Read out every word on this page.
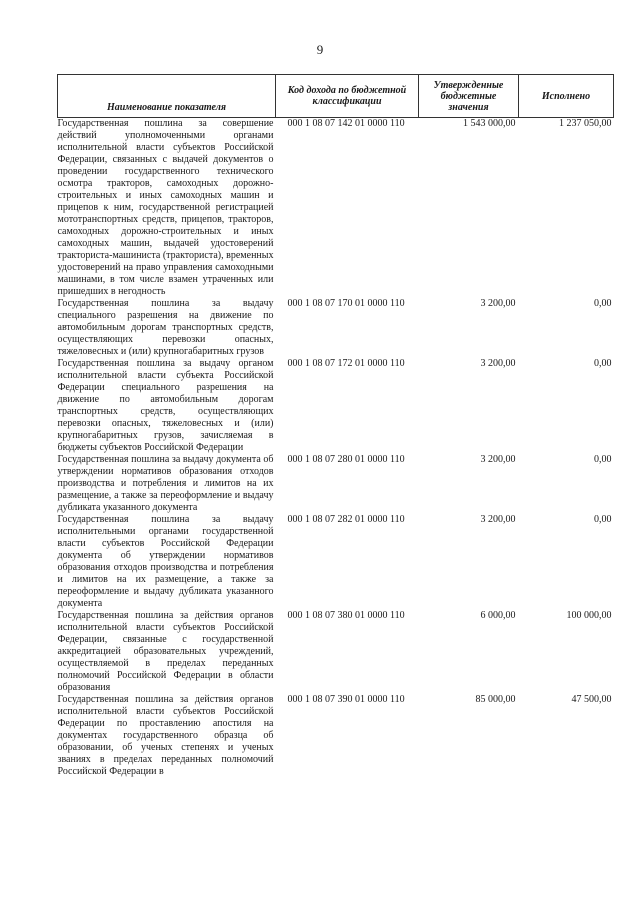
9
Наименование показателя	Код дохода по бюджетной классификации	Утвержденные бюджетные значения	Исполнено
Государственная пошлина за совершение действий уполномоченными органами исполнительной власти субъектов Российской Федерации, связанных с выдачей документов о проведении государственного технического осмотра тракторов, самоходных дорожно-строительных и иных самоходных машин и прицепов к ним, государственной регистрацией мототранспортных средств, прицепов, тракторов, самоходных дорожно-строительных и иных самоходных машин, выдачей удостоверений тракториста-машиниста (тракториста), временных удостоверений на право управления самоходными машинами, в том числе взамен утраченных или пришедших в негодность	000 1 08 07 142 01 0000 110	1 543 000,00	1 237 050,00
Государственная пошлина за выдачу специального разрешения на движение по автомобильным дорогам транспортных средств, осуществляющих перевозки опасных, тяжеловесных и (или) крупногабаритных грузов	000 1 08 07 170 01 0000 110	3 200,00	0,00
Государственная пошлина за выдачу органом исполнительной власти субъекта Российской Федерации специального разрешения на движение по автомобильным дорогам транспортных средств, осуществляющих перевозки опасных, тяжеловесных и (или) крупногабаритных грузов, зачисляемая в бюджеты субъектов Российской Федерации	000 1 08 07 172 01 0000 110	3 200,00	0,00
Государственная пошлина за выдачу документа об утверждении нормативов образования отходов производства и потребления и лимитов на их размещение, а также за переоформление и выдачу дубликата указанного документа	000 1 08 07 280 01 0000 110	3 200,00	0,00
Государственная пошлина за выдачу исполнительными органами государственной власти субъектов Российской Федерации документа об утверждении нормативов образования отходов производства и потребления и лимитов на их размещение, а также за переоформление и выдачу дубликата указанного документа	000 1 08 07 282 01 0000 110	3 200,00	0,00
Государственная пошлина за действия органов исполнительной власти субъектов Российской Федерации, связанные с государственной аккредитацией образовательных учреждений, осуществляемой в пределах переданных полномочий Российской Федерации в области образования	000 1 08 07 380 01 0000 110	6 000,00	100 000,00
Государственная пошлина за действия органов исполнительной власти субъектов Российской Федерации по проставлению апостиля на документах государственного образца об образовании, об ученых степенях и ученых званиях в пределах переданных полномочий Российской Федерации в	000 1 08 07 390 01 0000 110	85 000,00	47 500,00
